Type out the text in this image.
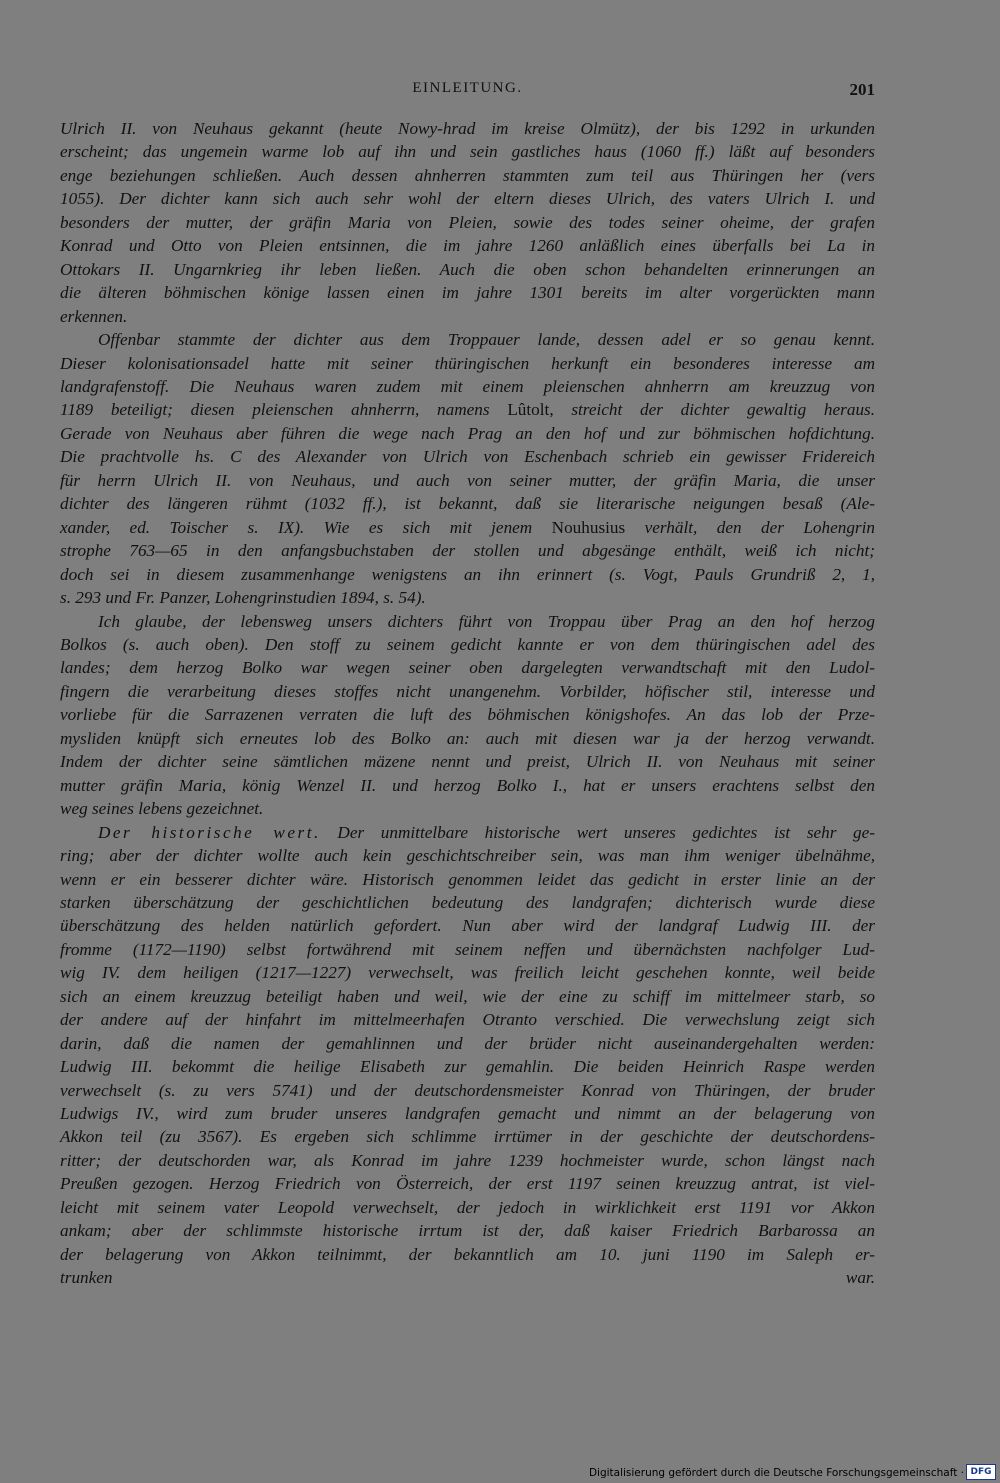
EINLEITUNG.	201
Ulrich II. von Neuhaus gekannt (heute Nowy-hrad im kreise Olmütz), der bis 1292 in urkunden
erscheint; das ungemein warme lob auf ihn und sein gastliches haus (1060 ff.) läßt auf besonders
enge beziehungen schließen. Auch dessen ahnherren stammten zum teil aus Thüringen her (vers
1055). Der dichter kann sich auch sehr wohl der eltern dieses Ulrich, des vaters Ulrich I. und
besonders der mutter, der gräfin Maria von Pleien, sowie des todes seiner oheime, der grafen
Konrad und Otto von Pleien entsinnen, die im jahre 1260 anläßlich eines überfalls bei La in
Ottokars II. Ungarnkrieg ihr leben ließen. Auch die oben schon behandelten erinnerungen an
die älteren böhmischen könige lassen einen im jahre 1301 bereits im alter vorgerückten mann
erkennen.
Offenbar stammte der dichter aus dem Troppauer lande, dessen adel er so genau kennt.
Dieser kolonisationsadel hatte mit seiner thüringischen herkunft ein besonderes interesse am
landgrafenstoff. Die Neuhaus waren zudem mit einem pleienschen ahnherrn am kreuzzug von
1189 beteiligt; diesen pleienschen ahnherrn, namens Lûtolt, streicht der dichter gewaltig heraus.
Gerade von Neuhaus aber führen die wege nach Prag an den hof und zur böhmischen hofdichtung.
Die prachtvolle hs. C des Alexander von Ulrich von Eschenbach schrieb ein gewisser Fridereich
für herrn Ulrich II. von Neuhaus, und auch von seiner mutter, der gräfin Maria, die unser
dichter des längeren rühmt (1032 ff.), ist bekannt, daß sie literarische neigungen besaß (Ale-
xander, ed. Toischer s. IX). Wie es sich mit jenem Nouhusius verhält, den der Lohengrin
strophe 763—65 in den anfangsbuchstaben der stollen und abgesänge enthält, weiß ich nicht;
doch sei in diesem zusammenhange wenigstens an ihn erinnert (s. Vogt, Pauls Grundriß 2, 1,
s. 293 und Fr. Panzer, Lohengrinstudien 1894, s. 54).
Ich glaube, der lebensweg unsers dichters führt von Troppau über Prag an den hof herzog
Bolkos (s. auch oben). Den stoff zu seinem gedicht kannte er von dem thüringischen adel des
landes; dem herzog Bolko war wegen seiner oben dargelegten verwandtschaft mit den Ludol-
fingern die verarbeitung dieses stoffes nicht unangenehm. Vorbilder, höfischer stil, interesse und
vorliebe für die Sarrazenen verraten die luft des böhmischen königshofes. An das lob der Prze-
mysliden knüpft sich erneutes lob des Bolko an: auch mit diesen war ja der herzog verwandt.
Indem der dichter seine sämtlichen mäzene nennt und preist, Ulrich II. von Neuhaus mit seiner
mutter gräfin Maria, könig Wenzel II. und herzog Bolko I., hat er unsers erachtens selbst den
weg seines lebens gezeichnet.
Der historische wert. Der unmittelbare historische wert unseres gedichtes ist sehr ge-
ring; aber der dichter wollte auch kein geschichtschreiber sein, was man ihm weniger übelnähme,
wenn er ein besserer dichter wäre. Historisch genommen leidet das gedicht in erster linie an der
starken überschätzung der geschichtlichen bedeutung des landgrafen; dichterisch wurde diese
überschätzung des helden natürlich gefordert. Nun aber wird der landgraf Ludwig III. der
fromme (1172—1190) selbst fortwährend mit seinem neffen und übernächsten nachfolger Lud-
wig IV. dem heiligen (1217—1227) verwechselt, was freilich leicht geschehen konnte, weil beide
sich an einem kreuzzug beteiligt haben und weil, wie der eine zu schiff im mittelmeer starb, so
der andere auf der hinfahrt im mittelmeerhafen Otranto verschied. Die verwechslung zeigt sich
darin, daß die namen der gemahlinnen und der brüder nicht auseinandergehalten werden:
Ludwig III. bekommt die heilige Elisabeth zur gemahlin. Die beiden Heinrich Raspe werden
verwechselt (s. zu vers 5741) und der deutschordensmeister Konrad von Thüringen, der bruder
Ludwigs IV., wird zum bruder unseres landgrafen gemacht und nimmt an der belagerung von
Akkon teil (zu 3567). Es ergeben sich schlimme irrtümer in der geschichte der deutschordens-
ritter; der deutschorden war, als Konrad im jahre 1239 hochmeister wurde, schon längst nach
Preußen gezogen. Herzog Friedrich von Österreich, der erst 1197 seinen kreuzzug antrat, ist viel-
leicht mit seinem vater Leopold verwechselt, der jedoch in wirklichkeit erst 1191 vor Akkon
ankam; aber der schlimmste historische irrtum ist der, daß kaiser Friedrich Barbarossa an
der belagerung von Akkon teilnimmt, der bekanntlich am 10. juni 1190 im Saleph er-
trunken war.
Digitalisierung gefördert durch die Deutsche Forschungsgemeinschaft · DFG
